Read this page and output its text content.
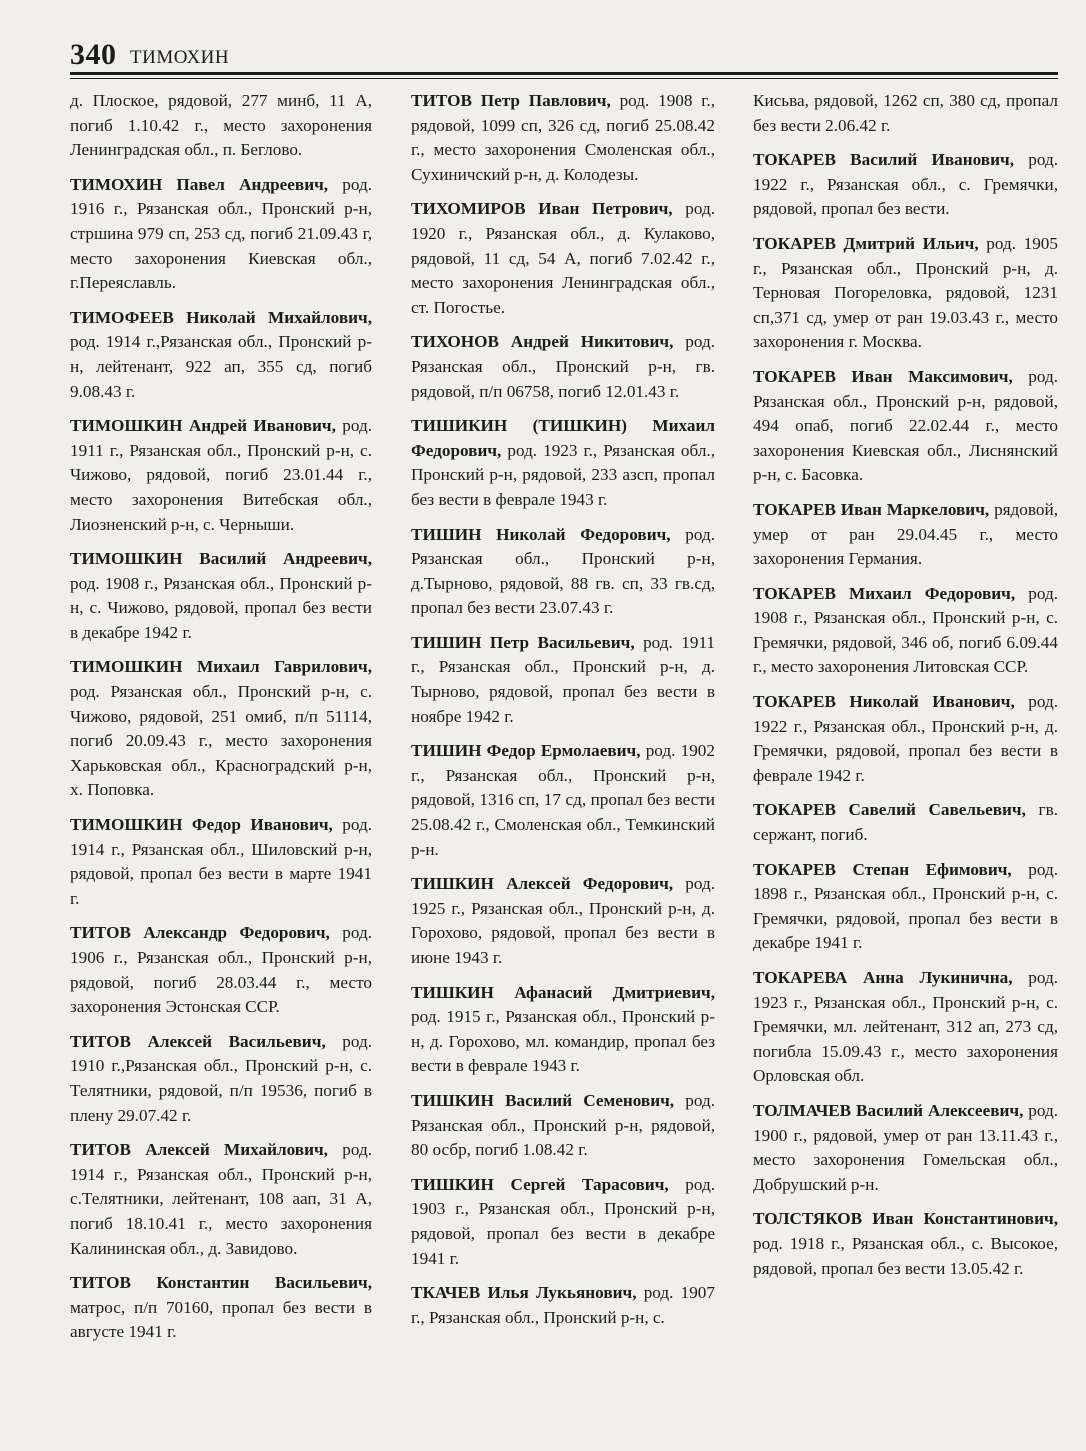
340 ТИМОХИН

д. Плоское, рядовой, 277 минб, 11 А, погиб 1.10.42 г., место захоронения Ленинградская обл., п. Беглово.

ТИМОХИН Павел Андреевич, род. 1916 г., Рязанская обл., Пронский р-н, стршина 979 сп, 253 сд, погиб 21.09.43 г, место захоронения Киевская обл., г.Переяславль.

ТИМОФЕЕВ Николай Михайлович, род. 1914 г.,Рязанская обл., Пронский р-н, лейтенант, 922 ап, 355 сд, погиб 9.08.43 г.

ТИМОШКИН Андрей Иванович, род. 1911 г., Рязанская обл., Пронский р-н, с. Чижово, рядовой, погиб 23.01.44 г., место захоронения Витебская обл., Лиозненский р-н, с. Черныши.

ТИМОШКИН Василий Андреевич, род. 1908 г., Рязанская обл., Пронский р-н, с. Чижово, рядовой, пропал без вести в декабре 1942 г.

ТИМОШКИН Михаил Гаврилович, род. Рязанская обл., Пронский р-н, с. Чижово, рядовой, 251 омиб, п/п 51114, погиб 20.09.43 г., место захоронения Харьковская обл., Красноградский р-н, х. Поповка.

ТИМОШКИН Федор Иванович, род. 1914 г., Рязанская обл., Шиловский р-н, рядовой, пропал без вести в марте 1941 г.

ТИТОВ Александр Федорович, род. 1906 г., Рязанская обл., Пронский р-н, рядовой, погиб 28.03.44 г., место захоронения Эстонская ССР.

ТИТОВ Алексей Васильевич, род. 1910 г.,Рязанская обл., Пронский р-н, с. Телятники, рядовой, п/п 19536, погиб в плену 29.07.42 г.

ТИТОВ Алексей Михайлович, род. 1914 г., Рязанская обл., Пронский р-н, с.Телятники, лейтенант, 108 аап, 31 А, погиб 18.10.41 г., место захоронения Калининская обл., д. Завидово.

ТИТОВ Константин Васильевич, матрос, п/п 70160, пропал без вести в августе 1941 г.

ТИТОВ Петр Павлович, род. 1908 г., рядовой, 1099 сп, 326 сд, погиб 25.08.42 г., место захоронения Смоленская обл., Сухиничский р-н, д. Колодезы.

ТИХОМИРОВ Иван Петрович, род. 1920 г., Рязанская обл., д. Кулаково, рядовой, 11 сд, 54 А, погиб 7.02.42 г., место захоронения Ленинградская обл., ст. Погостье.

ТИХОНОВ Андрей Никитович, род. Рязанская обл., Пронский р-н, гв. рядовой, п/п 06758, погиб 12.01.43 г.

ТИШИКИН (ТИШКИН) Михаил Федорович, род. 1923 г., Рязанская обл., Пронский р-н, рядовой, 233 азсп, пропал без вести в феврале 1943 г.

ТИШИН Николай Федорович, род. Рязанская обл., Пронский р-н, д.Тырново, рядовой, 88 гв. сп, 33 гв.сд, пропал без вести 23.07.43 г.

ТИШИН Петр Васильевич, род. 1911 г., Рязанская обл., Пронский р-н, д. Тырново, рядовой, пропал без вести в ноябре 1942 г.

ТИШИН Федор Ермолаевич, род. 1902 г., Рязанская обл., Пронский р-н, рядовой, 1316 сп, 17 сд, пропал без вести 25.08.42 г., Смоленская обл., Темкинский р-н.

ТИШКИН Алексей Федорович, род. 1925 г., Рязанская обл., Пронский р-н, д. Горохово, рядовой, пропал без вести в июне 1943 г.

ТИШКИН Афанасий Дмитриевич, род. 1915 г., Рязанская обл., Пронский р-н, д. Горохово, мл. командир, пропал без вести в феврале 1943 г.

ТИШКИН Василий Семенович, род. Рязанская обл., Пронский р-н, рядовой, 80 осбр, погиб 1.08.42 г.

ТИШКИН Сергей Тарасович, род. 1903 г., Рязанская обл., Пронский р-н, рядовой, пропал без вести в декабре 1941 г.

ТКАЧЕВ Илья Лукьянович, род. 1907 г., Рязанская обл., Пронский р-н, с.

Кисьва, рядовой, 1262 сп, 380 сд, пропал без вести 2.06.42 г.

ТОКАРЕВ Василий Иванович, род. 1922 г., Рязанская обл., с. Гремячки, рядовой, пропал без вести.

ТОКАРЕВ Дмитрий Ильич, род. 1905 г., Рязанская обл., Пронский р-н, д. Терновая Погореловка, рядовой, 1231 сп,371 сд, умер от ран 19.03.43 г., место захоронения г. Москва.

ТОКАРЕВ Иван Максимович, род. Рязанская обл., Пронский р-н, рядовой, 494 опаб, погиб 22.02.44 г., место захоронения Киевская обл., Лиснянский р-н, с. Басовка.

ТОКАРЕВ Иван Маркелович, рядовой, умер от ран 29.04.45 г., место захоронения Германия.

ТОКАРЕВ Михаил Федорович, род. 1908 г., Рязанская обл., Пронский р-н, с. Гремячки, рядовой, 346 об, погиб 6.09.44 г., место захоронения Литовская ССР.

ТОКАРЕВ Николай Иванович, род. 1922 г., Рязанская обл., Пронский р-н, д. Гремячки, рядовой, пропал без вести в феврале 1942 г.

ТОКАРЕВ Савелий Савельевич, гв. сержант, погиб.

ТОКАРЕВ Степан Ефимович, род. 1898 г., Рязанская обл., Пронский р-н, с. Гремячки, рядовой, пропал без вести в декабре 1941 г.

ТОКАРЕВА Анна Лукинична, род. 1923 г., Рязанская обл., Пронский р-н, с. Гремячки, мл. лейтенант, 312 ап, 273 сд, погибла 15.09.43 г., место захоронения Орловская обл.

ТОЛМАЧЕВ Василий Алексеевич, род. 1900 г., рядовой, умер от ран 13.11.43 г., место захоронения Гомельская обл., Добрушский р-н.

ТОЛСТЯКОВ Иван Константинович, род. 1918 г., Рязанская обл., с. Высокое, рядовой, пропал без вести 13.05.42 г.
